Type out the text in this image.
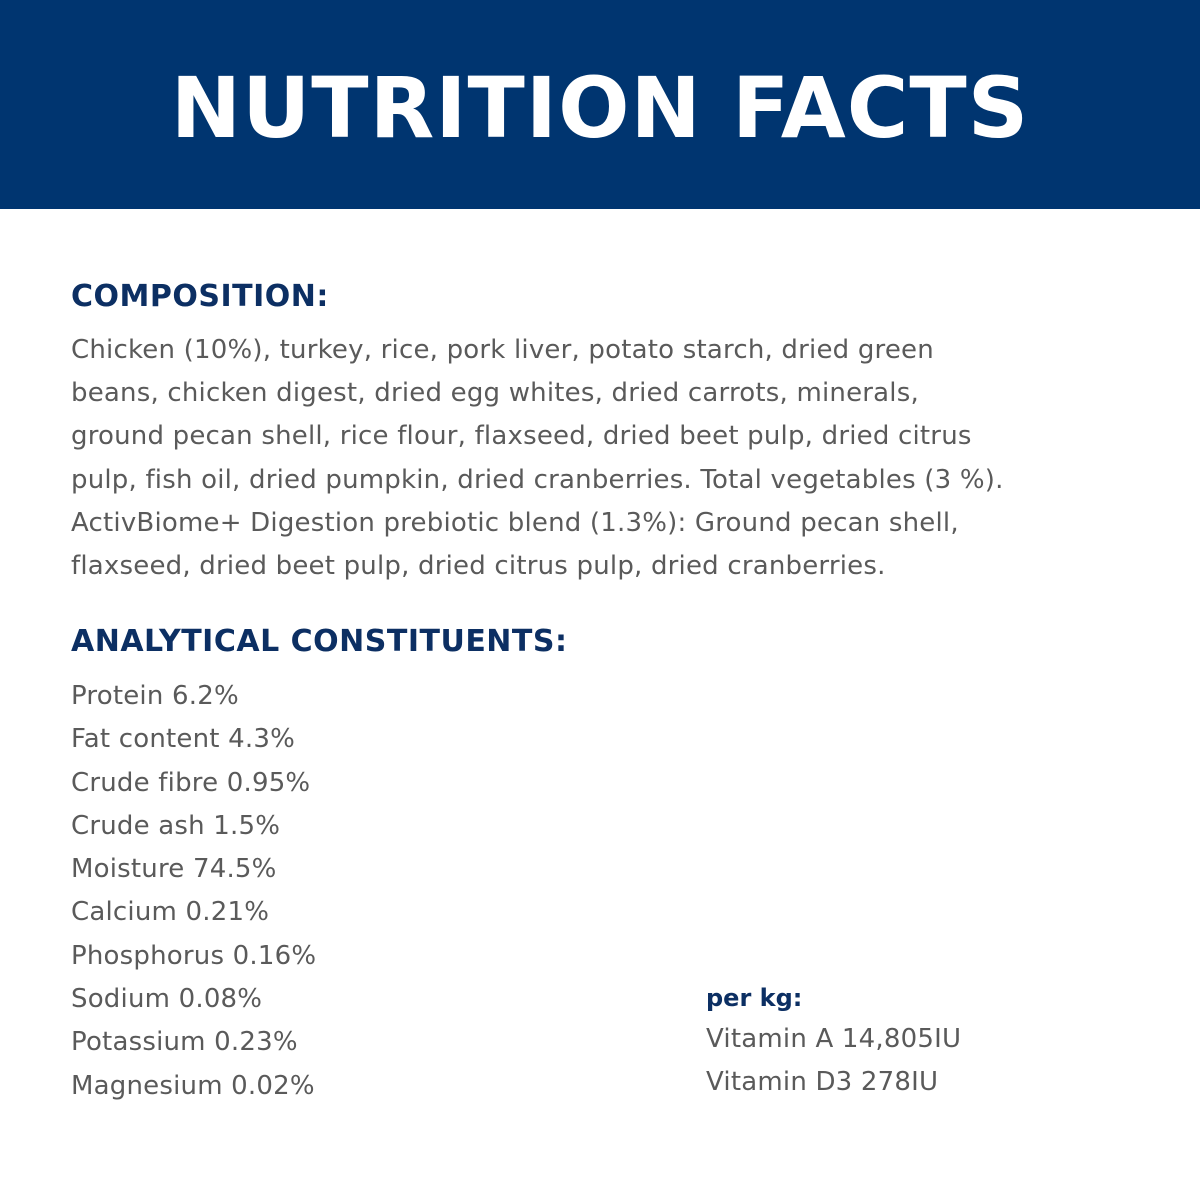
NUTRITION FACTS
COMPOSITION:
Chicken (10%), turkey, rice, pork liver, potato starch, dried green
beans, chicken digest, dried egg whites, dried carrots, minerals,
ground pecan shell, rice flour, flaxseed, dried beet pulp, dried citrus
pulp, fish oil, dried pumpkin, dried cranberries. Total vegetables (3 %).
ActivBiome+ Digestion prebiotic blend (1.3%): Ground pecan shell,
flaxseed, dried beet pulp, dried citrus pulp, dried cranberries.
ANALYTICAL CONSTITUENTS:
Protein 6.2%
Fat content 4.3%
Crude fibre 0.95%
Crude ash 1.5%
Moisture 74.5%
Calcium 0.21%
Phosphorus 0.16%
Sodium 0.08%
Potassium 0.23%
Magnesium 0.02%
per kg:
Vitamin A 14,805IU
Vitamin D3 278IU
